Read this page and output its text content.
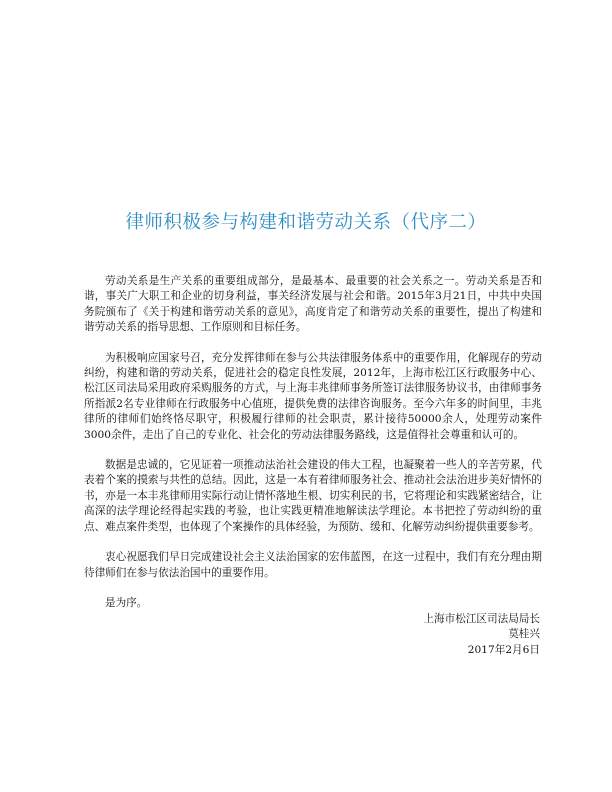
律师积极参与构建和谐劳动关系（代序二）

劳动关系是生产关系的重要组成部分，是最基本、最重要的社会关系之一。劳动关系是否和谐，事关广大职工和企业的切身利益，事关经济发展与社会和谐。2015年3月21日，中共中央国务院颁布了《关于构建和谐劳动关系的意见》，高度肯定了和谐劳动关系的重要性，提出了构建和谐劳动关系的指导思想、工作原则和目标任务。

为积极响应国家号召，充分发挥律师在参与公共法律服务体系中的重要作用，化解现存的劳动纠纷，构建和谐的劳动关系，促进社会的稳定良性发展，2012年，上海市松江区行政服务中心、松江区司法局采用政府采购服务的方式，与上海丰兆律师事务所签订法律服务协议书，由律师事务所指派2名专业律师在行政服务中心值班，提供免费的法律咨询服务。至今六年多的时间里，丰兆律所的律师们始终恪尽职守，积极履行律师的社会职责，累计接待50000余人，处理劳动案件3000余件，走出了自己的专业化、社会化的劳动法律服务路线，这是值得社会尊重和认可的。

数据是忠诚的，它见证着一项推动法治社会建设的伟大工程，也凝聚着一些人的辛苦劳累，代表着个案的摸索与共性的总结。因此，这是一本有着律师服务社会、推动社会法治进步美好情怀的书，亦是一本丰兆律师用实际行动让情怀落地生根、切实利民的书，它将理论和实践紧密结合，让高深的法学理论经得起实践的考验，也让实践更精准地解读法学理论。本书把控了劳动纠纷的重点、难点案件类型，也体现了个案操作的具体经验，为预防、缓和、化解劳动纠纷提供重要参考。

衷心祝愿我们早日完成建设社会主义法治国家的宏伟蓝图，在这一过程中，我们有充分理由期待律师们在参与依法治国中的重要作用。

是为序。

上海市松江区司法局局长
莫桂兴
2017年2月6日
